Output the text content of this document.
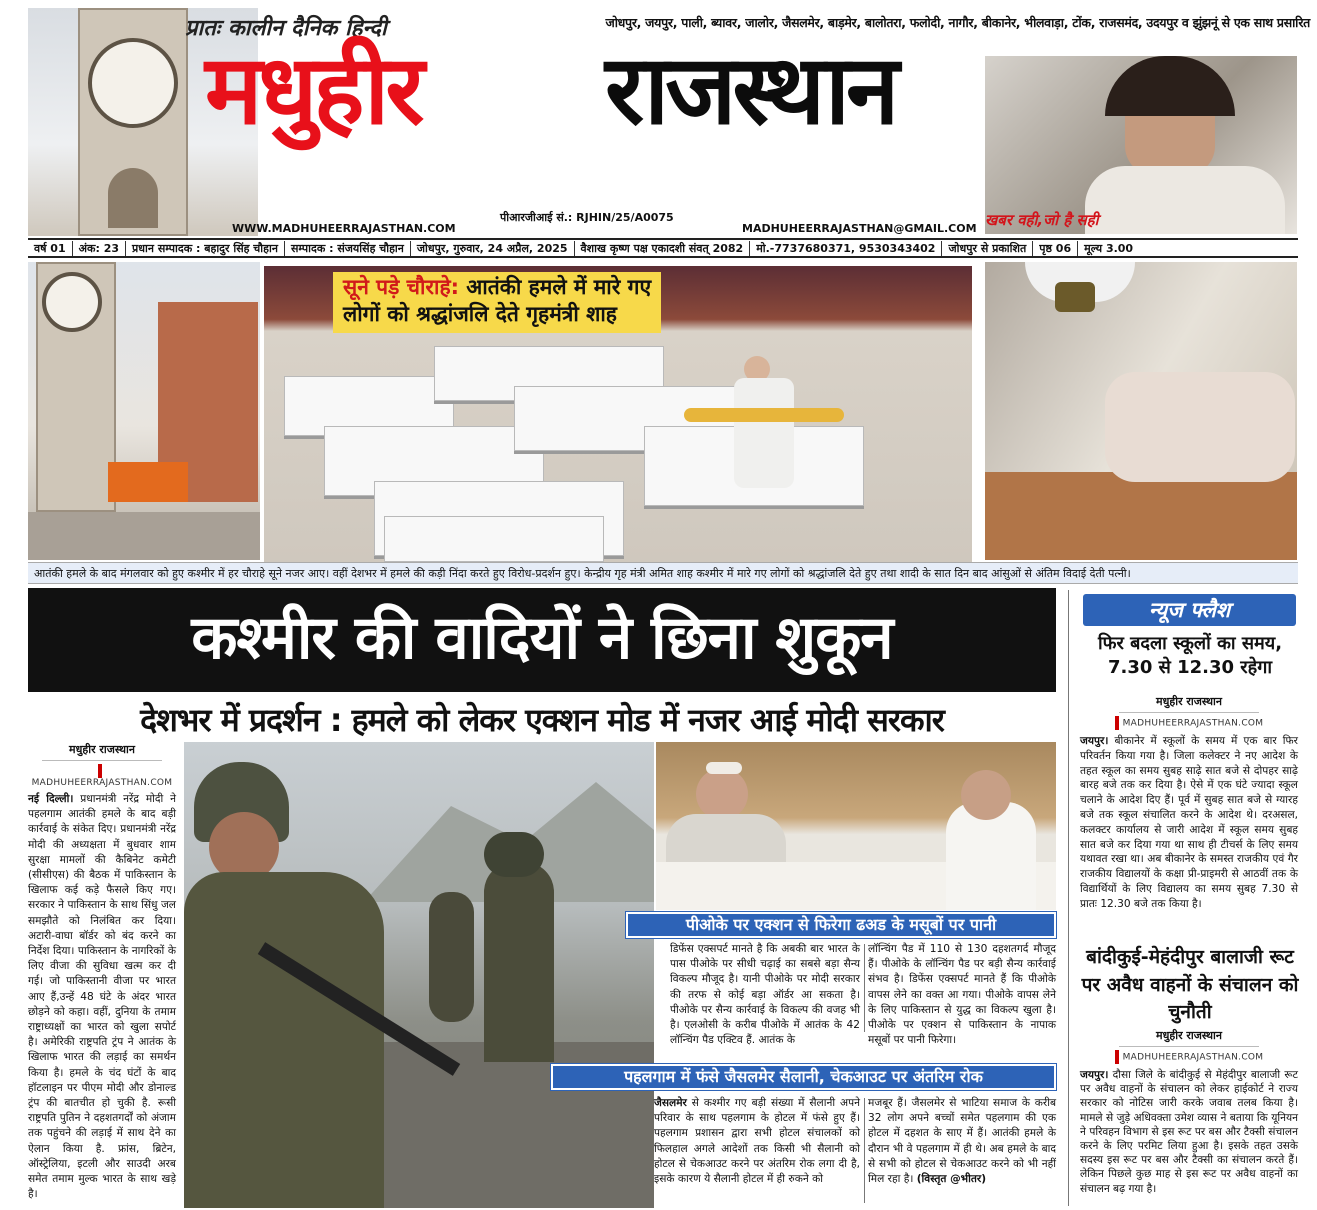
प्रातः कालीन दैनिक हिन्दी	जोधपुर, जयपुर, पाली, ब्यावर, जालोर, जैसलमेर, बाड़मेर, बालोतरा, फलोदी, नागौर, बीकानेर, भीलवाड़ा, टोंक, राजसमंद, उदयपुर व झुंझनूं से एक साथ प्रसारित
मधुहीर राजस्थान
WWW.MADHUHEERRAJASTHAN.COM
पीआरजीआई सं.: RJHIN/25/A0075
MADHUHEERRAJASTHAN@GMAIL.COM खबर वही,जो है सही
वर्ष 01	अंक: 23	प्रधान सम्पादक : बहादुर सिंह चौहान	सम्पादक : संजयसिंह चौहान	जोधपुर, गुरुवार, 24 अप्रैल, 2025	वैशाख कृष्ण पक्ष एकादशी संवत् 2082	मो.-7737680371, 9530343402	जोधपुर से प्रकाशित	पृष्ठ 06	मूल्य 3.00
सूने पड़े चौराहे: आतंकी हमले में मारे गए
लोगों को श्रद्धांजलि देते गृहमंत्री शाह
आतंकी हमले के बाद मंगलवार को हुए कश्मीर में हर चौराहे सूने नजर आए। वहीं देशभर में हमले की कड़ी निंदा करते हुए विरोध-प्रदर्शन हुए। केन्द्रीय गृह मंत्री अमित शाह कश्मीर में मारे गए लोगों को श्रद्धांजलि देते हुए तथा शादी के सात दिन बाद आंसुओं से अंतिम विदाई देती पत्नी।
कश्मीर की वादियों ने छिना शुकून
देशभर में प्रदर्शन : हमले को लेकर एक्शन मोड में नजर आई मोदी सरकार
मधुहीर राजस्थान
MADHUHEERRAJASTHAN.COM
नई दिल्ली। प्रधानमंत्री नरेंद्र मोदी ने पहलगाम आतंकी हमले के बाद बड़ी कार्रवाई के संकेत दिए। प्रधानमंत्री नरेंद्र मोदी की अध्यक्षता में बुधवार शाम सुरक्षा मामलों की कैबिनेट कमेटी (सीसीएस) की बैठक में पाकिस्तान के खिलाफ कई कड़े फैसले किए गए। सरकार ने पाकिस्तान के साथ सिंधु जल समझौते को निलंबित कर दिया। अटारी-वाघा बॉर्डर को बंद करने का निर्देश दिया। पाकिस्तान के नागरिकों के लिए वीजा की सुविधा खत्म कर दी गई। जो पाकिस्तानी वीजा पर भारत आए हैं,उन्हें 48 घंटे के अंदर भारत छोड़ने को कहा। वहीं, दुनिया के तमाम राष्ट्राध्यक्षों का भारत को खुला सपोर्ट है। अमेरिकी राष्ट्रपति ट्रंप ने आतंक के खिलाफ भारत की लड़ाई का समर्थन किया है। हमले के चंद घंटों के बाद हॉटलाइन पर पीएम मोदी और डोनाल्ड ट्रंप की बातचीत हो चुकी है. रूसी राष्ट्रपति पुतिन ने दहशतगर्दों को अंजाम तक पहुंचने की लड़ाई में साथ देने का ऐलान किया है. फ्रांस, ब्रिटेन, ऑस्ट्रेलिया, इटली और साउदी अरब समेत तमाम मुल्क भारत के साथ खड़े है।
पीओके पर एक्शन से फिरेगा ढअड के मसूबों पर पानी
डिफेंस एक्सपर्ट मानते है कि अबकी बार भारत के पास पीओके पर सीधी चढ़ाई का सबसे बड़ा सैन्य विकल्प मौजूद है। यानी पीओके पर मोदी सरकार की तरफ से कोई बड़ा ऑर्डर आ सकता है। पीओके पर सैन्य कार्रवाई के विकल्प की वजह भी है। एलओसी के करीब पीओके में आतंक के 42 लॉन्चिंग पैड एक्टिव हैं. आतंक के
लॉन्चिंग पैड में 110 से 130 दहशतगर्द मौजूद हैं। पीओके के लॉन्चिंग पैड पर बड़ी सैन्य कार्रवाई संभव है। डिफेंस एक्सपर्ट मानते हैं कि पीओके वापस लेने का वक्त आ गया। पीओके वापस लेने के लिए पाकिस्तान से युद्ध का विकल्प खुला है। पीओके पर एक्शन से पाकिस्तान के नापाक मसूबों पर पानी फिरेगा।
पहलगाम में फंसे जैसलमेर सैलानी, चेकआउट पर अंतरिम रोक
जैसलमेर से कश्मीर गए बड़ी संख्या में सैलानी अपने परिवार के साथ पहलगाम के होटल में फंसे हुए हैं। पहलगाम प्रशासन द्वारा सभी होटल संचालकों को फिलहाल अगले आदेशों तक किसी भी सैलानी को होटल से चेकआउट करने पर अंतरिम रोक लगा दी है, इसके कारण ये सैलानी होटल में ही रुकने को
मजबूर हैं। जैसलमेर से भाटिया समाज के करीब 32 लोग अपने बच्चों समेत पहलगाम की एक होटल में दहशत के साए में हैं। आतंकी हमले के दौरान भी वे पहलगाम में ही थे। अब हमले के बाद से सभी को होटल से चेकआउट करने को भी नहीं मिल रहा है। (विस्तृत @भीतर)
न्यूज फ्लैश
फिर बदला स्कूलों का समय, 7.30 से 12.30 रहेगा
मधुहीर राजस्थान
MADHUHEERRAJASTHAN.COM
जयपुर। बीकानेर में स्कूलों के समय में एक बार फिर परिवर्तन किया गया है। जिला कलेक्टर ने नए आदेश के तहत स्कूल का समय सुबह साढ़े सात बजे से दोपहर साढ़े बारह बजे तक कर दिया है। ऐसे में एक घंटे ज्यादा स्कूल चलाने के आदेश दिए हैं। पूर्व में सुबह सात बजे से ग्यारह बजे तक स्कूल संचालित करने के आदेश थे। दरअसल, कलक्टर कार्यालय से जारी आदेश में स्कूल समय सुबह सात बजे कर दिया गया था साथ ही टीचर्स के लिए समय यथावत रखा था। अब बीकानेर के समस्त राजकीय एवं गैर राजकीय विद्यालयों के कक्षा प्री-प्राइमरी से आठवीं तक के विद्यार्थियों के लिए विद्यालय का समय सुबह 7.30 से प्रातः 12.30 बजे तक किया है।
बांदीकुई-मेहंदीपुर बालाजी रूट पर अवैध वाहनों के संचालन को चुनौती
मधुहीर राजस्थान
MADHUHEERRAJASTHAN.COM
जयपुर। दौसा जिले के बांदीकुई से मेहंदीपुर बालाजी रूट पर अवैध वाहनों के संचालन को लेकर हाईकोर्ट ने राज्य सरकार को नोटिस जारी करके जवाब तलब किया है। मामले से जुड़े अधिवक्ता उमेश व्यास ने बताया कि यूनियन ने परिवहन विभाग से इस रूट पर बस और टैक्सी संचालन करने के लिए परमिट लिया हुआ है। इसके तहत उसके सदस्य इस रूट पर बस और टैक्सी का संचालन करते हैं। लेकिन पिछले कुछ माह से इस रूट पर अवैध वाहनों का संचालन बढ़ गया है।
